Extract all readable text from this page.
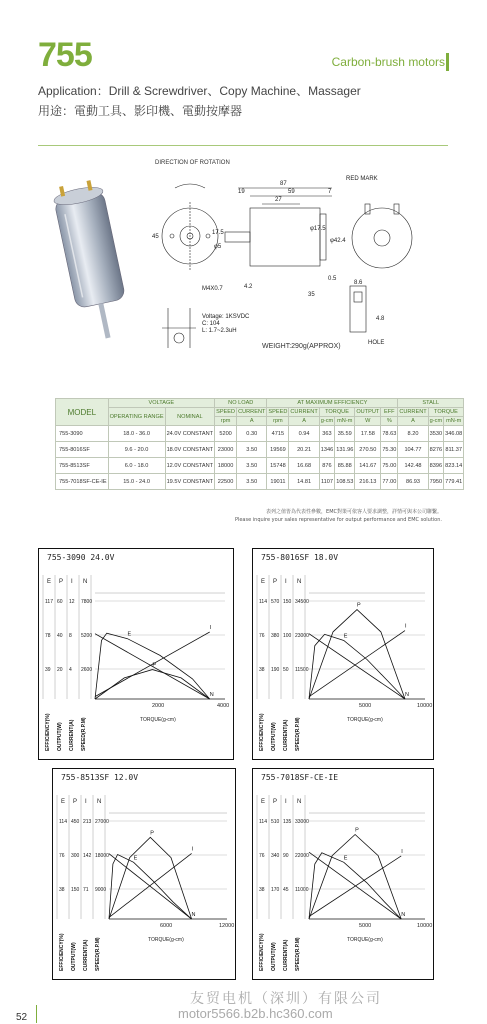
755	Carbon-brush motors
Application：Drill & Screwdriver、Copy Machine、Massager
用途：電動工具、影印機、電動按摩器
DIRECTION OF ROTATION
87
59	7
19
27
4.2
35
8.6
4.8
0.5
φ42.4
φ17.5
φ5
45
17.5
RED MARK
HOLE
M4X0.7
Voltage: 1KSVDC
C: 104
L: 1.7~2.3uH
WEIGHT:290g(APPROX)
MODEL	VOLTAGE		NO LOAD		AT MAXIMUM EFFICIENCY						STALL		
	OPERATING RANGE	NOMINAL	SPEED	CURRENT	SPEED	CURRENT	TORQUE		OUTPUT	EFF	CURRENT	TORQUE	
			rpm	A	rpm	A	g-cm	mN-m	W	%	A	g-cm	mN-m
755-3090	18.0 - 36.0	24.0V CONSTANT	5200	0.30	4715	0.94	363	35.59	17.58	78.63	8.20	3530	346.08
755-8016SF	9.6 - 20.0	18.0V CONSTANT	23000	3.50	19569	20.21	1346	131.96	270.50	75.30	104.77	8276	811.37
755-8513SF	6.0 - 18.0	12.0V CONSTANT	18000	3.50	15748	16.68	876	85.88	141.67	75.00	142.48	8396	823.14
755-7018SF-CE-IE	15.0 - 24.0	19.5V CONSTANT	22500	3.50	19011	14.81	1107	108.53	216.13	77.00	86.93	7950	779.41
表列之值皆為代表性參數，EMC對策可依客人要求調整，詳情可與本公司聯繫。
Please inquire your sales representative for output performance and EMC solution.
755-3090 24.0V
E P I N
117 60 12 7800
78 40 8 5200
39 20 4 2600
2000	4000
TORQUE(g-cm)
N
I
P
E
EFFICIENCY(%) OUTPUT(W) CURRENT(A) SPEED(R.P.M)
755-8016SF 18.0V
E P I N
114 570 150 34500
76 380 100 23000
38 190 50 11500
5000	10000
TORQUE(g-cm)
N
I
P
E
EFFICIENCY(%) OUTPUT(W) CURRENT(A) SPEED(R.P.M)
755-8513SF 12.0V
E P I N
114 450 213 27000
76 300 142 18000
38 150 71 9000
6000	12000
TORQUE(g-cm)
N
I
P
E
EFFICIENCY(%) OUTPUT(W) CURRENT(A) SPEED(R.P.M)
755-7018SF-CE-IE
E P I N
114 510 135 33000
76 340 90 22000
38 170 45 11000
5000	10000
TORQUE(g-cm)
N
I
P
E
EFFICIENCY(%) OUTPUT(W) CURRENT(A) SPEED(R.P.M)
52
友贸电机（深圳）有限公司
motor5566.b2b.hc360.com
